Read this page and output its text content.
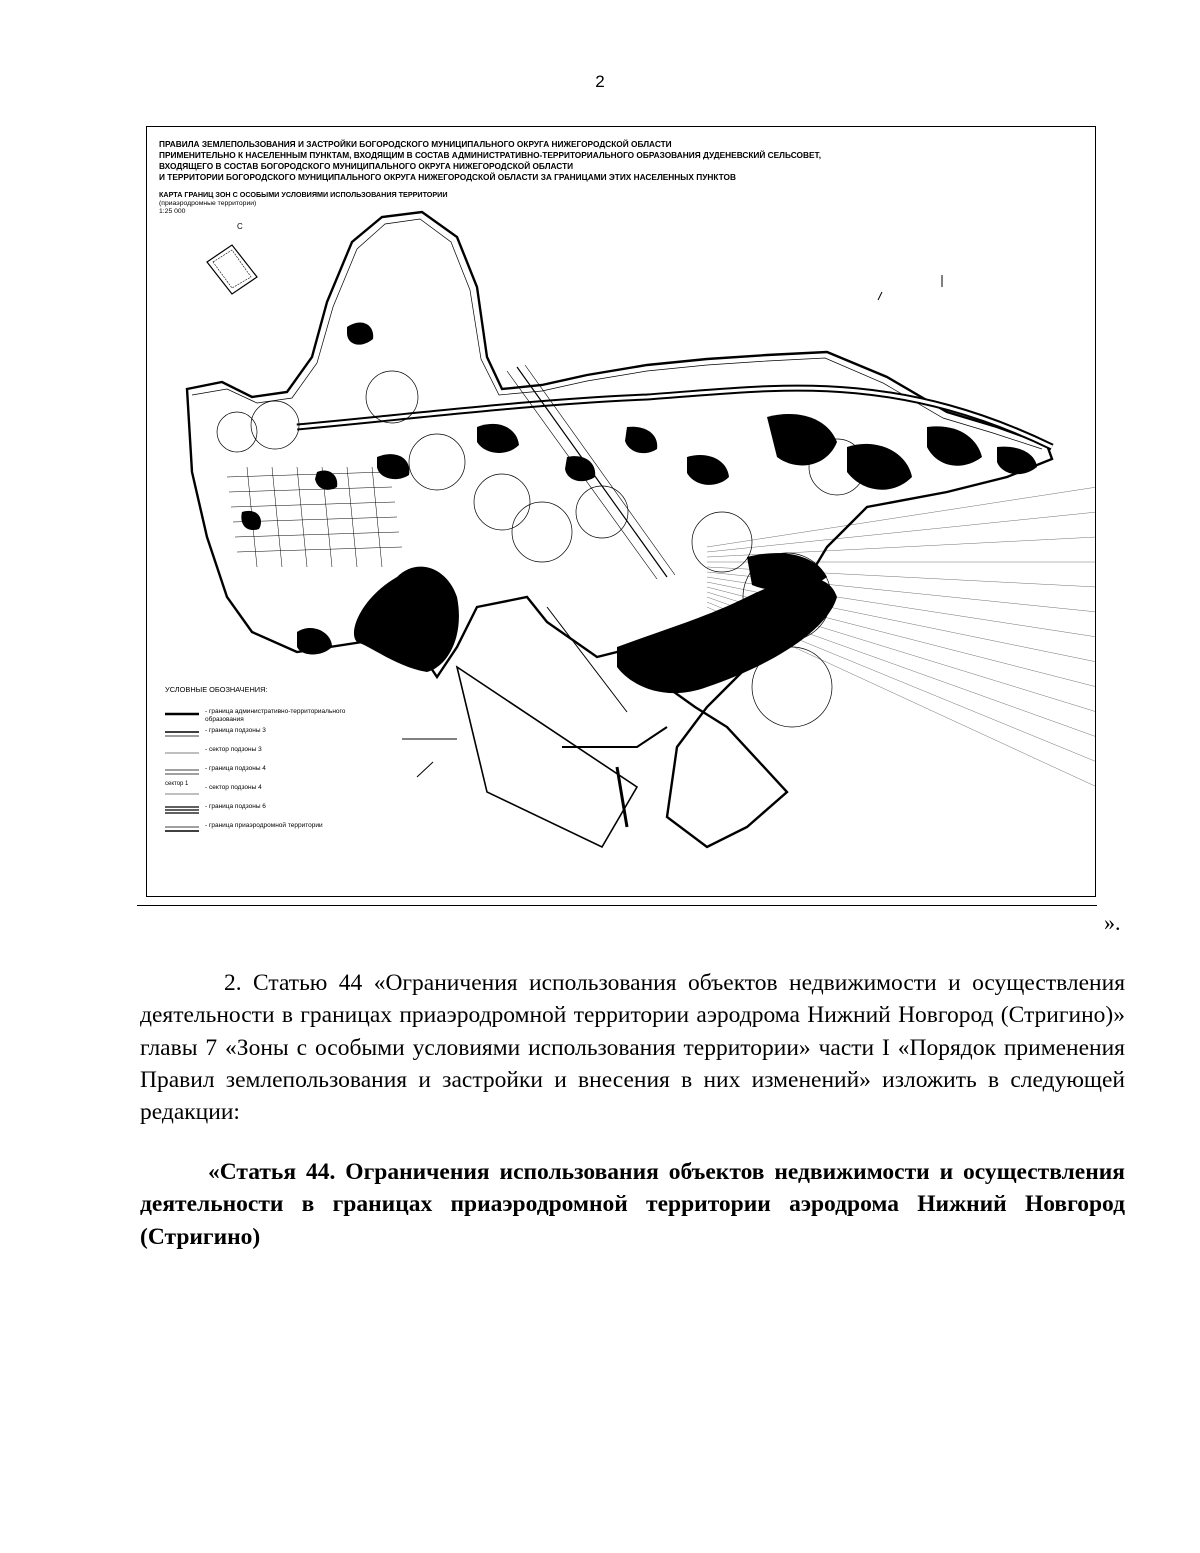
2
С
ПРАВИЛА ЗЕМЛЕПОЛЬЗОВАНИЯ И ЗАСТРОЙКИ БОГОРОДСКОГО МУНИЦИПАЛЬНОГО ОКРУГА НИЖЕГОРОДСКОЙ ОБЛАСТИ
ПРИМЕНИТЕЛЬНО К НАСЕЛЕННЫМ ПУНКТАМ, ВХОДЯЩИМ В СОСТАВ АДМИНИСТРАТИВНО-ТЕРРИТОРИАЛЬНОГО ОБРАЗОВАНИЯ ДУДЕНЕВСКИЙ СЕЛЬСОВЕТ,
ВХОДЯЩЕГО В СОСТАВ БОГОРОДСКОГО МУНИЦИПАЛЬНОГО ОКРУГА НИЖЕГОРОДСКОЙ ОБЛАСТИ
И ТЕРРИТОРИИ БОГОРОДСКОГО МУНИЦИПАЛЬНОГО ОКРУГА НИЖЕГОРОДСКОЙ ОБЛАСТИ ЗА ГРАНИЦАМИ ЭТИХ НАСЕЛЕННЫХ ПУНКТОВ
КАРТА ГРАНИЦ ЗОН С ОСОБЫМИ УСЛОВИЯМИ ИСПОЛЬЗОВАНИЯ ТЕРРИТОРИИ
(приаэродромные территории)
1:25 000
УСЛОВНЫЕ ОБОЗНАЧЕНИЯ:
- граница административно-территориального
образования
- граница подзоны 3
- сектор подзоны 3
- граница подзоны 4
сектор 1	- сектор подзоны 4
- граница подзоны 6
- граница приаэродромной территории
».
2. Статью 44 «Ограничения использования объектов недвижимости и осуществления деятельности в границах приаэродромной территории аэродрома Нижний Новгород (Стригино)» главы 7 «Зоны с особыми условиями использования территории» части I «Порядок применения Правил землепользования и застройки и внесения в них изменений» изложить в следующей редакции:
«Статья 44. Ограничения использования объектов недвижимости и осуществления деятельности в границах приаэродромной территории аэродрома Нижний Новгород (Стригино)
